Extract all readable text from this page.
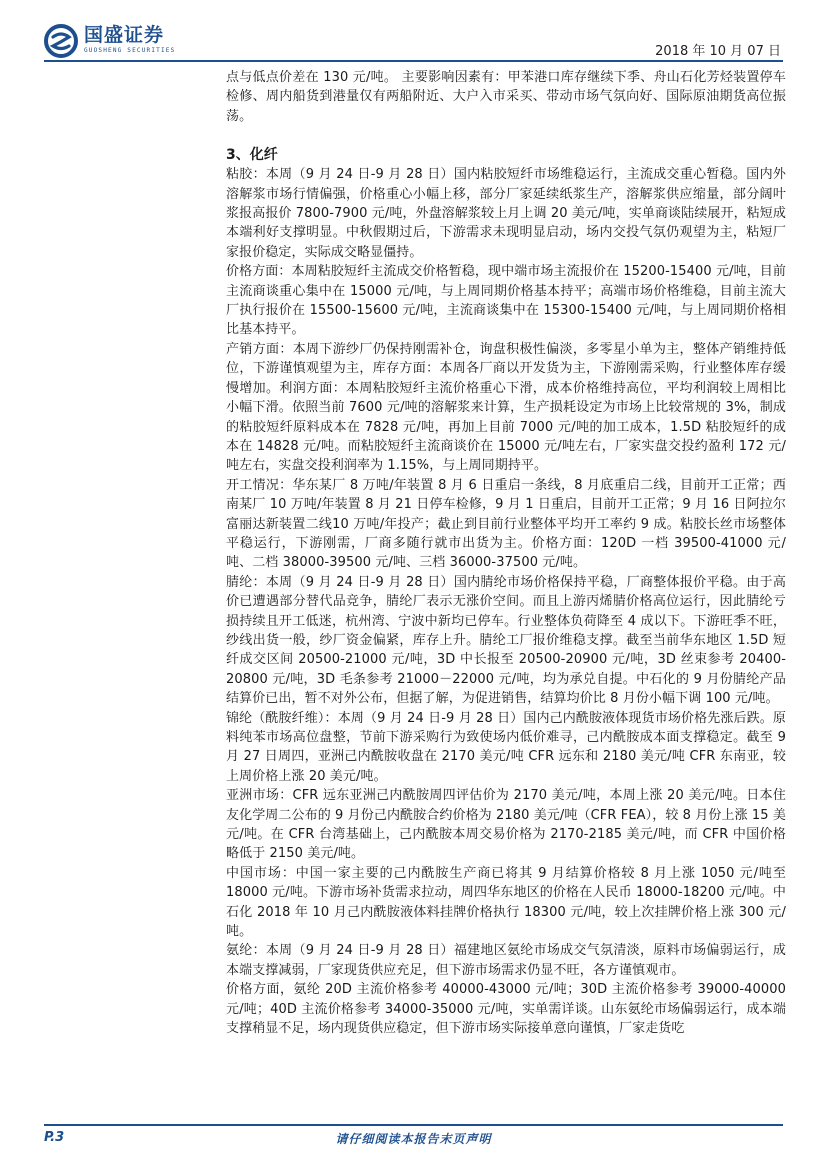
国盛证券
GUOSHENG SECURITIES	2018 年 10 月 07 日

点与低点价差在 130 元/吨。 主要影响因素有：甲苯港口库存继续下季、舟山石化芳烃装置停车检修、周内船货到港量仅有两船附近、大户入市采买、带动市场气氛向好、国际原油期货高位振荡。

3、化纤

粘胶：本周（9 月 24 日-9 月 28 日）国内粘胶短纤市场维稳运行，主流成交重心暂稳。国内外溶解浆市场行情偏强，价格重心小幅上移，部分厂家延续纸浆生产，溶解浆供应缩量，部分阔叶浆报高报价 7800-7900 元/吨，外盘溶解浆较上月上调 20 美元/吨，实单商谈陆续展开，粘短成本端利好支撑明显。中秋假期过后，下游需求未现明显启动，场内交投气氛仍观望为主，粘短厂家报价稳定，实际成交略显僵持。

价格方面：本周粘胶短纤主流成交价格暂稳，现中端市场主流报价在 15200-15400 元/吨，目前主流商谈重心集中在 15000 元/吨，与上周同期价格基本持平；高端市场价格维稳，目前主流大厂执行报价在 15500-15600 元/吨，主流商谈集中在 15300-15400 元/吨，与上周同期价格相比基本持平。

产销方面：本周下游纱厂仍保持刚需补仓，询盘积极性偏淡，多零星小单为主，整体产销维持低位，下游谨慎观望为主，库存方面：本周各厂商以开发货为主，下游刚需采购，行业整体库存缓慢增加。利润方面：本周粘胶短纤主流价格重心下滑，成本价格维持高位，平均利润较上周相比小幅下滑。依照当前 7600 元/吨的溶解浆来计算，生产损耗设定为市场上比较常规的 3%，制成的粘胶短纤原料成本在 7828 元/吨，再加上目前 7000 元/吨的加工成本，1.5D 粘胶短纤的成本在 14828 元/吨。而粘胶短纤主流商谈价在 15000 元/吨左右，厂家实盘交投约盈利 172 元/吨左右，实盘交投利润率为 1.15%，与上周同期持平。

开工情况：华东某厂 8 万吨/年装置 8 月 6 日重启一条线，8 月底重启二线，目前开工正常；西南某厂 10 万吨/年装置 8 月 21 日停车检修，9 月 1 日重启，目前开工正常；9 月 16 日阿拉尔富丽达新装置二线10 万吨/年投产；截止到目前行业整体平均开工率约 9 成。粘胶长丝市场整体平稳运行，下游刚需，厂商多随行就市出货为主。价格方面：120D 一档 39500-41000 元/吨、二档 38000-39500 元/吨、三档 36000-37500 元/吨。

腈纶：本周（9 月 24 日-9 月 28 日）国内腈纶市场价格保持平稳，厂商整体报价平稳。由于高价已遭遇部分替代品竞争，腈纶厂表示无涨价空间。而且上游丙烯腈价格高位运行，因此腈纶亏损持续且开工低迷，杭州湾、宁波中新均已停车。行业整体负荷降至 4 成以下。下游旺季不旺，纱线出货一般，纱厂资金偏紧，库存上升。腈纶工厂报价维稳支撑。截至当前华东地区 1.5D 短纤成交区间 20500-21000 元/吨，3D 中长报至 20500-20900 元/吨，3D 丝束参考 20400-20800 元/吨，3D 毛条参考 21000－22000 元/吨，均为承兑自提。中石化的 9 月份腈纶产品结算价已出，暂不对外公布，但据了解，为促进销售，结算均价比 8 月份小幅下调 100 元/吨。

锦纶（酰胺纤维）：本周（9 月 24 日-9 月 28 日）国内己内酰胺液体现货市场价格先涨后跌。原料纯苯市场高位盘整，节前下游采购行为致使场内低价难寻，己内酰胺成本面支撑稳定。截至 9 月 27 日周四，亚洲己内酰胺收盘在 2170 美元/吨 CFR 远东和 2180 美元/吨 CFR 东南亚，较上周价格上涨 20 美元/吨。

亚洲市场：CFR 远东亚洲己内酰胺周四评估价为 2170 美元/吨，本周上涨 20 美元/吨。日本住友化学周二公布的 9 月份己内酰胺合约价格为 2180 美元/吨（CFR FEA），较 8 月份上涨 15 美元/吨。在 CFR 台湾基础上，己内酰胺本周交易价格为 2170-2185 美元/吨，而 CFR 中国价格略低于 2150 美元/吨。

中国市场：中国一家主要的己内酰胺生产商已将其 9 月结算价格较 8 月上涨 1050 元/吨至 18000 元/吨。下游市场补货需求拉动，周四华东地区的价格在人民币 18000-18200 元/吨。中石化 2018 年 10 月己内酰胺液体料挂牌价格执行 18300 元/吨，较上次挂牌价格上涨 300 元/吨。

氨纶：本周（9 月 24 日-9 月 28 日）福建地区氨纶市场成交气氛清淡，原料市场偏弱运行，成本端支撑减弱，厂家现货供应充足，但下游市场需求仍显不旺，各方谨慎观市。

价格方面，氨纶 20D 主流价格参考 40000-43000 元/吨；30D 主流价格参考 39000-40000 元/吨；40D 主流价格参考 34000-35000 元/吨，实单需详谈。山东氨纶市场偏弱运行，成本端支撑稍显不足，场内现货供应稳定，但下游市场实际接单意向谨慎，厂家走货吃

P.3	请仔细阅读本报告末页声明
